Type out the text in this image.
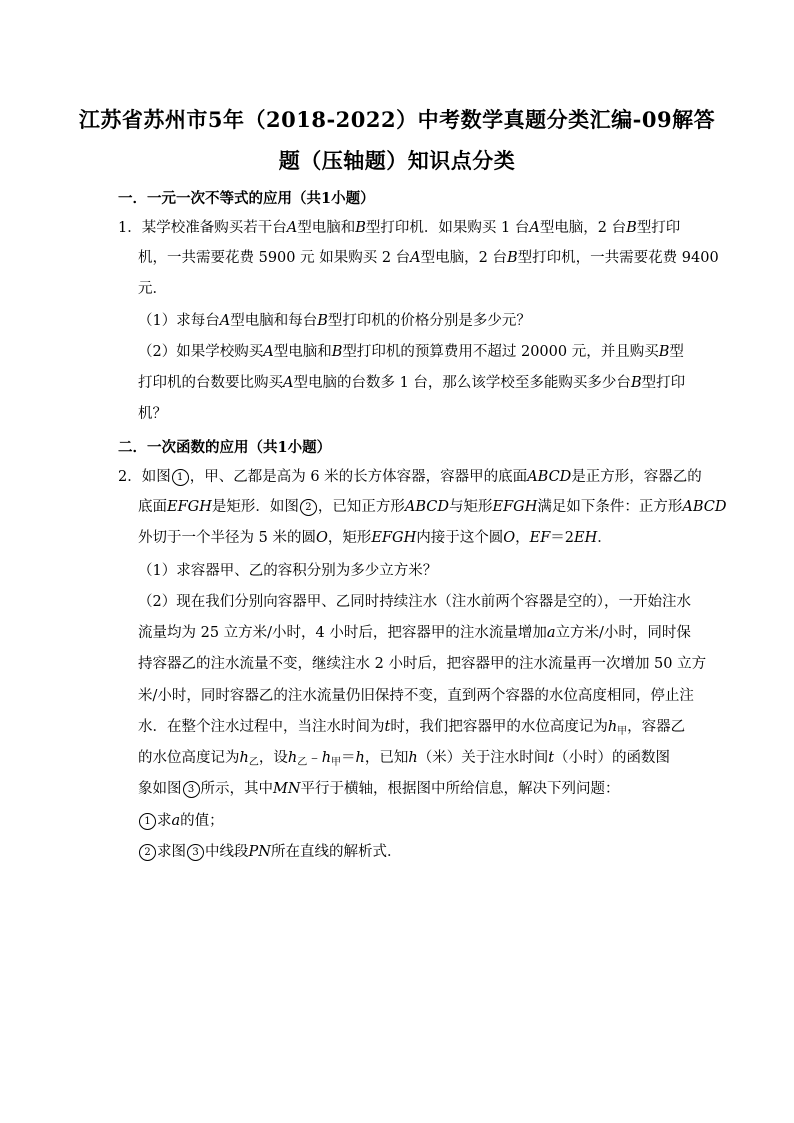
江苏省苏州市5年（2018-2022）中考数学真题分类汇编-09解答
题（压轴题）知识点分类
一．一元一次不等式的应用（共1小题）
1．某学校准备购买若干台A型电脑和B型打印机．如果购买 1 台A型电脑，2 台B型打印
机，一共需要花费 5900 元 如果购买 2 台A型电脑，2 台B型打印机，一共需要花费 9400
元．
（1）求每台A型电脑和每台B型打印机的价格分别是多少元？
（2）如果学校购买A型电脑和B型打印机的预算费用不超过 20000 元，并且购买B型
打印机的台数要比购买A型电脑的台数多 1 台，那么该学校至多能购买多少台B型打印
机？
二．一次函数的应用（共1小题）
2．如图 1 ，甲、乙都是高为 6 米的长方体容器，容器甲的底面ABCD是正方形，容器乙的
底面EFGH是矩形．如图 2 ，已知正方形ABCD与矩形EFGH满足如下条件：正方形ABCD
外切于一个半径为 5 米的圆O，矩形EFGH内接于这个圆O，EF＝2EH．
（1）求容器甲、乙的容积分别为多少立方米？
（2）现在我们分别向容器甲、乙同时持续注水（注水前两个容器是空的），一开始注水
流量均为 25 立方米/小时，4 小时后，把容器甲的注水流量增加a立方米/小时，同时保
持容器乙的注水流量不变，继续注水 2 小时后，把容器甲的注水流量再一次增加 50 立方
米/小时，同时容器乙的注水流量仍旧保持不变，直到两个容器的水位高度相同，停止注
水．在整个注水过程中，当注水时间为t时，我们把容器甲的水位高度记为$h_甲$，容器乙
的水位高度记为$h_乙$，设$h_乙﹣h_甲=h$，已知h（米）关于注水时间t（小时）的函数图
象如图 3 所示，其中MN平行于横轴，根据图中所给信息，解决下列问题：
1 求a的值；
2 求图 3 中线段PN所在直线的解析式．
